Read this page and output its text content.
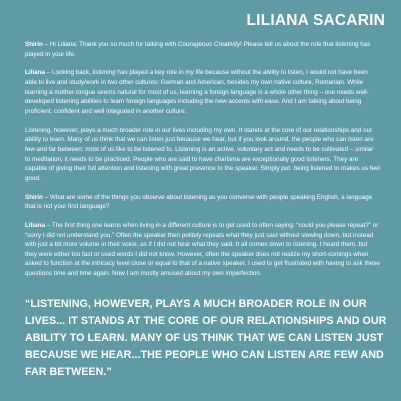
LILIANA SACARIN

Shirin – Hi Liliana; Thank you so much for talking with Courageous Creativity! Please tell us about the role that listening has played in your life.

Liliana – Looking back, listening has played a key role in my life because without the ability to listen, I would not have been able to live and study/work in two other cultures: German and American, besides my own native culture, Romanian. While learning a mother-tongue seems natural for most of us, learning a foreign language is a whole other thing – one needs well-developed listening abilities to learn foreign languages including the new accents with ease. And I am talking about being proficient, confident and well integrated in another culture.

Listening, however, plays a much broader role in our lives including my own. It stands at the core of our relationships and our ability to learn. Many of us think that we can listen just because we hear, but if you look around, the people who can listen are few and far between; most of us like to be listened to. Listening is an active, voluntary act and needs to be cultivated – similar to meditation, it needs to be practiced. People who are said to have charisma are exceptionally good listeners. They are capable of giving their full attention and listening with great presence to the speaker. Simply put: being listened to makes us feel good.

Shirin – What are some of the things you observe about listening as you converse with people speaking English, a language that is not your first language?

Liliana – The first thing one learns when living in a different culture is to get used to often saying: “could you please repeat?” or “sorry I did not understand you.” Often the speaker then politely repeats what they just said without slowing down, but instead with just a bit more volume in their voice, as if I did not hear what they said. It all comes down to listening. I heard them, but they were either too fast or used words I did not know. However, often the speaker does not realize my short-comings when asked to function at the intricacy level close or equal to that of a native speaker. I used to get frustrated with having to ask these questions time and time again. Now I am mostly amused about my own imperfection.

“LISTENING, HOWEVER, PLAYS A MUCH BROADER ROLE IN OUR LIVES... IT STANDS AT THE CORE OF OUR RELATIONSHIPS AND OUR ABILITY TO LEARN. MANY OF US THINK THAT WE CAN LISTEN JUST BECAUSE WE HEAR...THE PEOPLE WHO CAN LISTEN ARE FEW AND FAR BETWEEN.”
